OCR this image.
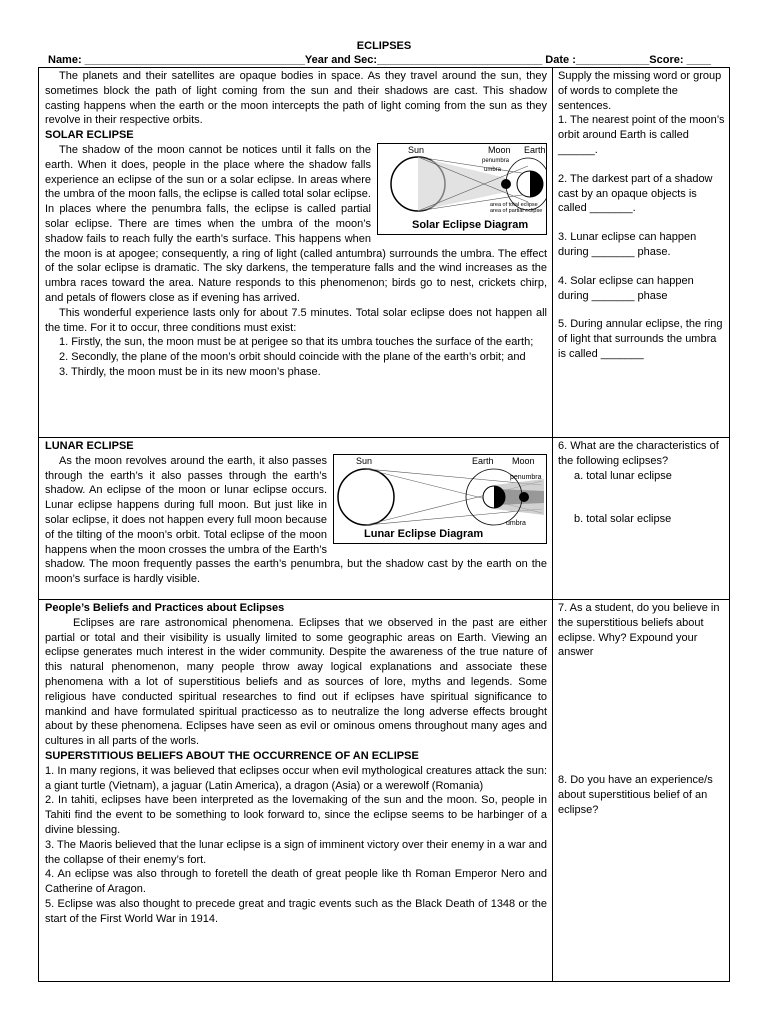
ECLIPSES
Name: ____________________________________Year and Sec:___________________________ Date :____________Score: ____

The planets and their satellites are opaque bodies in space. As they travel around the sun, they sometimes block the path of light coming from the sun and their shadows are cast. This shadow casting happens when the earth or the moon intercepts the path of light coming from the sun as they revolve in their respective orbits.

SOLAR ECLIPSE

Sun	Moon Earth
penumbra
umbra
area of total eclipse
area of partial eclipse
Solar Eclipse Diagram

The shadow of the moon cannot be notices until it falls on the earth. When it does, people in the place where the shadow falls experience an eclipse of the sun or a solar eclipse. In areas where the umbra of the moon falls, the eclipse is called total solar eclipse. In places where the penumbra falls, the eclipse is called partial solar eclipse. There are times when the umbra of the moon’s shadow fails to reach fully the earth’s surface. This happens when the moon is at apogee; consequently, a ring of light (called antumbra) surrounds the umbra. The effect of the solar eclipse is dramatic. The sky darkens, the temperature falls and the wind increases as the umbra races toward the area. Nature responds to this phenomenon; birds go to nest, crickets chirp, and petals of flowers close as if evening has arrived.

This wonderful experience lasts only for about 7.5 minutes. Total solar eclipse does not happen all the time. For it to occur, three conditions must exist:

1. Firstly, the sun, the moon must be at perigee so that its umbra touches the surface of the earth;

2. Secondly, the plane of the moon’s orbit should coincide with the plane of the earth’s orbit; and

3. Thirdly, the moon must be in its new moon’s phase.

Supply the missing word or group of words to complete the sentences.
1. The nearest point of the moon’s orbit around Earth is called ______.
2. The darkest part of a shadow cast by an opaque objects is called _______.
3. Lunar eclipse can happen during _______ phase.
4. Solar eclipse can happen during _______ phase
5. During annular eclipse, the ring of light that surrounds the umbra is called _______

LUNAR ECLIPSE

Sun	Earth Moon
penumbra
umbra
Lunar Eclipse Diagram

As the moon revolves around the earth, it also passes through the earth’s it also passes through the earth’s shadow. An eclipse of the moon or lunar eclipse occurs. Lunar eclipse happens during full moon. But just like in solar eclipse, it does not happen every full moon because of the tilting of the moon’s orbit. Total eclipse of the moon happens when the moon crosses the umbra of the Earth’s shadow. The moon frequently passes the earth’s penumbra, but the shadow cast by the earth on the moon’s surface is hardly visible.

6. What are the characteristics of the following eclipses?
a. total lunar eclipse
b. total solar eclipse

People’s Beliefs and Practices about Eclipses

Eclipses are rare astronomical phenomena. Eclipses that we observed in the past are either partial or total and their visibility is usually limited to some geographic areas on Earth. Viewing an eclipse generates much interest in the wider community. Despite the awareness of the true nature of this natural phenomenon, many people throw away logical explanations and associate these phenomena with a lot of superstitious beliefs and as sources of lore, myths and legends. Some religious have conducted spiritual researches to find out if eclipses have spiritual significance to mankind and have formulated spiritual practicesso as to neutralize the long adverse effects brought about by these phenomena. Eclipses have seen as evil or ominous omens throughout many ages and cultures in all parts of the worls.

SUPERSTITIOUS BELIEFS ABOUT THE OCCURRENCE OF AN ECLIPSE

1. In many regions, it was believed that eclipses occur when evil mythological creatures attack the sun: a giant turtle (Vietnam), a jaguar (Latin America), a dragon (Asia) or a werewolf (Romania)

2. In tahiti, eclipses have been interpreted as the lovemaking of the sun and the moon. So, people in Tahiti find the event to be something to look forward to, since the eclipse seems to be harbinger of a divine blessing.

3. The Maoris believed that the lunar eclipse is a sign of imminent victory over their enemy in a war and the collapse of their enemy’s fort.

4. An eclipse was also through to foretell the death of great people like th Roman Emperor Nero and Catherine of Aragon.

5. Eclipse was also thought to precede great and tragic events such as the Black Death of 1348 or the start of the First World War in 1914.

7. As a student, do you believe in the superstitious beliefs about eclipse. Why? Expound your answer
8. Do you have an experience/s about superstitious belief of an eclipse?
